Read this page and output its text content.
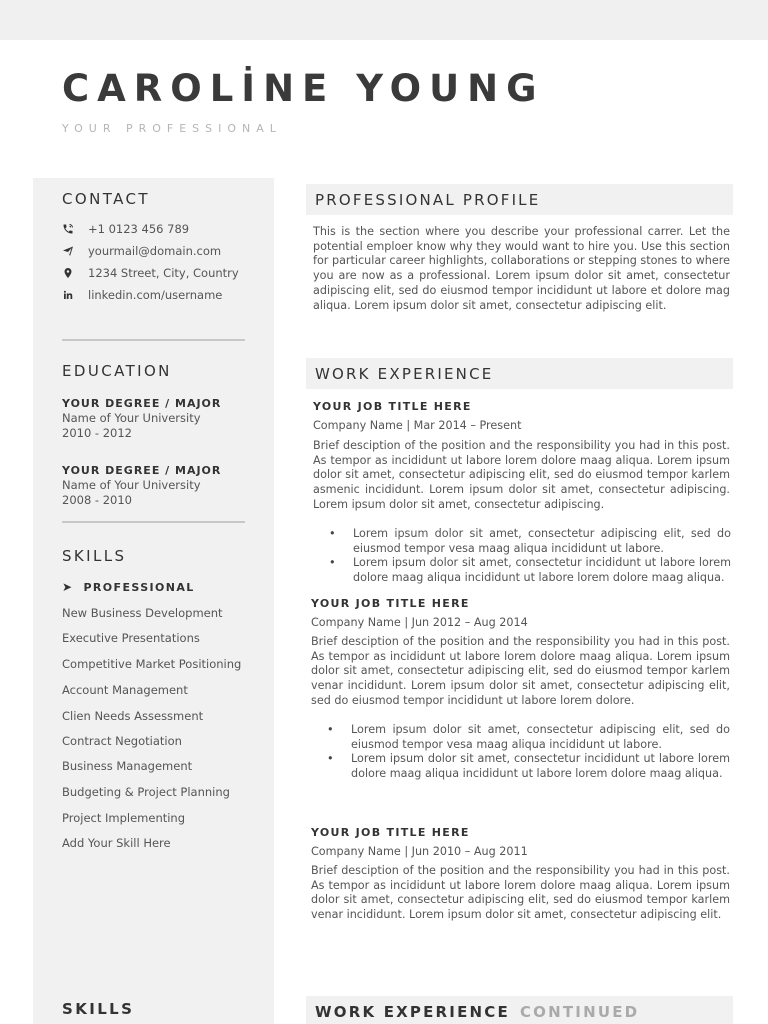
CAROLİNE YOUNG
YOUR PROFESSIONAL
CONTACT
+1 0123 456 789
yourmail@domain.com
1234 Street, City, Country
linkedin.com/username
EDUCATION
YOUR DEGREE / MAJOR
Name of Your University
2010 - 2012
YOUR DEGREE / MAJOR
Name of Your University
2008 - 2010
SKILLS
➤ PROFESSIONAL
New Business Development
Executive Presentations
Competitive Market Positioning
Account Management
Clien Needs Assessment
Contract Negotiation
Business Management
Budgeting & Project Planning
Project Implementing
Add Your Skill Here
SKILLS
PROFESSIONAL PROFILE

This is the section where you describe your professional carrer. Let the potential emploer know why they would want to hire you. Use this section for particular career highlights, collaborations or stepping stones to where you are now as a professional. Lorem ipsum dolor sit amet, consectetur adipiscing elit, sed do eiusmod tempor incididunt ut labore et dolore mag aliqua. Lorem ipsum dolor sit amet, consectetur adipiscing elit.

WORK EXPERIENCE
YOUR JOB TITLE HERE
Company Name | Mar 2014 – Present

Brief desciption of the position and the responsibility you had in this post. As tempor as incididunt ut labore lorem dolore maag aliqua. Lorem ipsum dolor sit amet, consectetur adipiscing elit, sed do eiusmod tempor karlem asmenic incididunt. Lorem ipsum dolor sit amet, consectetur adipiscing. Lorem ipsum dolor sit amet, consectetur adipiscing.

• Lorem ipsum dolor sit amet, consectetur adipiscing elit, sed do eiusmod tempor vesa maag aliqua incididunt ut labore.
• Lorem ipsum dolor sit amet, consectetur incididunt ut labore lorem dolore maag aliqua incididunt ut labore lorem dolore maag aliqua.
YOUR JOB TITLE HERE
Company Name | Jun 2012 – Aug 2014

Brief desciption of the position and the responsibility you had in this post. As tempor as incididunt ut labore lorem dolore maag aliqua. Lorem ipsum dolor sit amet, consectetur adipiscing elit, sed do eiusmod tempor karlem venar incididunt. Lorem ipsum dolor sit amet, consectetur adipiscing elit, sed do eiusmod tempor incididunt ut labore lorem dolore.

• Lorem ipsum dolor sit amet, consectetur adipiscing elit, sed do eiusmod tempor vesa maag aliqua incididunt ut labore.
• Lorem ipsum dolor sit amet, consectetur incididunt ut labore lorem dolore maag aliqua incididunt ut labore lorem dolore maag aliqua.
YOUR JOB TITLE HERE
Company Name | Jun 2010 – Aug 2011

Brief desciption of the position and the responsibility you had in this post. As tempor as incididunt ut labore lorem dolore maag aliqua. Lorem ipsum dolor sit amet, consectetur adipiscing elit, sed do eiusmod tempor karlem venar incididunt. Lorem ipsum dolor sit amet, consectetur adipiscing elit.

WORK EXPERIENCE CONTINUED
